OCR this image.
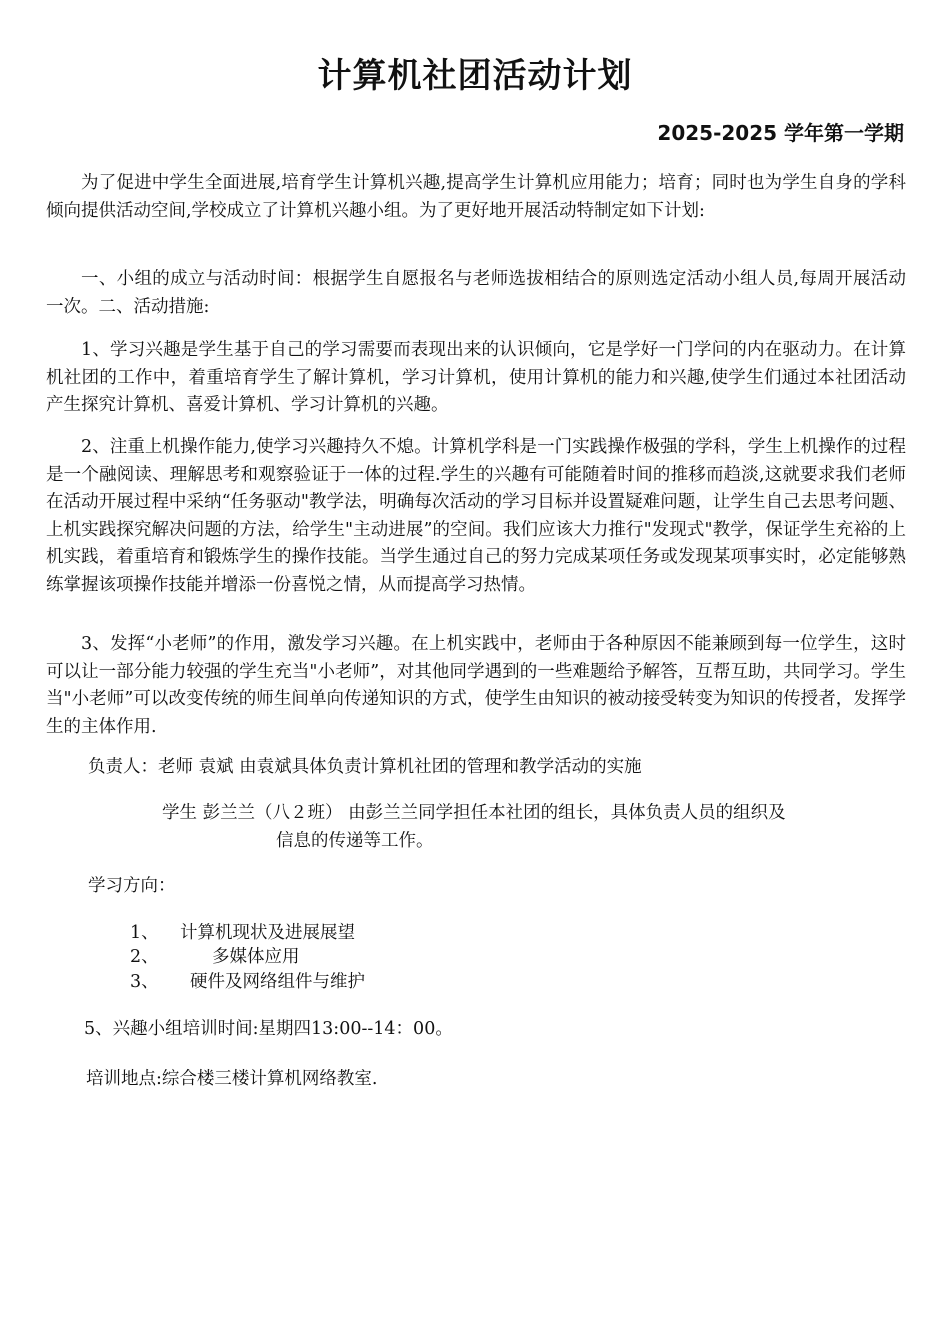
计算机社团活动计划
2025-2025 学年第一学期

为了促进中学生全面进展,培育学生计算机兴趣,提高学生计算机应用能力；培育；同时也为学生自身的学科倾向提供活动空间,学校成立了计算机兴趣小组。为了更好地开展活动特制定如下计划:

一、小组的成立与活动时间：根据学生自愿报名与老师选拔相结合的原则选定活动小组人员,每周开展活动一次。二、活动措施:

1、学习兴趣是学生基于自己的学习需要而表现出来的认识倾向，它是学好一门学问的内在驱动力。在计算机社团的工作中，着重培育学生了解计算机，学习计算机，使用计算机的能力和兴趣,使学生们通过本社团活动产生探究计算机、喜爱计算机、学习计算机的兴趣。

2、注重上机操作能力,使学习兴趣持久不熄。计算机学科是一门实践操作极强的学科，学生上机操作的过程是一个融阅读、理解思考和观察验证于一体的过程.学生的兴趣有可能随着时间的推移而趋淡,这就要求我们老师在活动开展过程中采纳“任务驱动"教学法，明确每次活动的学习目标并设置疑难问题，让学生自己去思考问题、上机实践探究解决问题的方法，给学生"主动进展”的空间。我们应该大力推行"发现式"教学，保证学生充裕的上机实践，着重培育和锻炼学生的操作技能。当学生通过自己的努力完成某项任务或发现某项事实时，必定能够熟练掌握该项操作技能并增添一份喜悦之情，从而提高学习热情。

3、发挥“小老师”的作用，激发学习兴趣。在上机实践中，老师由于各种原因不能兼顾到每一位学生，这时可以让一部分能力较强的学生充当"小老师”，对其他同学遇到的一些难题给予解答，互帮互助，共同学习。学生当"小老师”可以改变传统的师生间单向传递知识的方式，使学生由知识的被动接受转变为知识的传授者，发挥学生的主体作用.

负责人：老师 袁斌 由袁斌具体负责计算机社团的管理和教学活动的实施

学生 彭兰兰（八２班） 由彭兰兰同学担任本社团的组长，具体负责人员的组织及
信息的传递等工作。

学习方向：

1、 计算机现状及进展展望

2、	多媒体应用

3、 硬件及网络组件与维护

5、兴趣小组培训时间:星期四13:00--14：00。

培训地点:综合楼三楼计算机网络教室.
